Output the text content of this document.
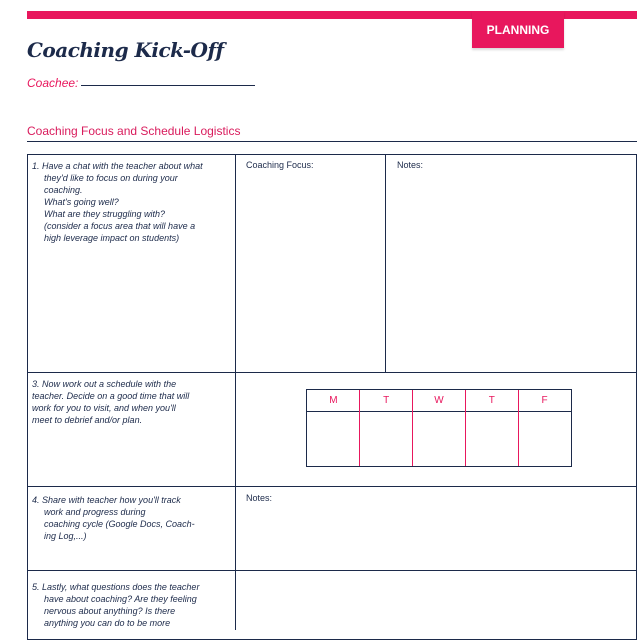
PLANNING
Coaching Kick-Off
Coachee:
Coaching Focus and Schedule Logistics
1. Have a chat with the teacher about what
they'd like to focus on during your
coaching.
What's going well?
What are they struggling with?
(consider a focus area that will have a
high leverage impact on students)
Coaching Focus:	Notes:
3. Now work out a schedule with the
teacher. Decide on a good time that will
work for you to visit, and when you'll
meet to debrief and/or plan.
M	T	W	T	F
4. Share with teacher how you'll track
work and progress during
coaching cycle (Google Docs, Coach-
ing Log,...)
Notes:
5. Lastly, what questions does the teacher
have about coaching? Are they feeling
nervous about anything? Is there
anything you can do to be more
